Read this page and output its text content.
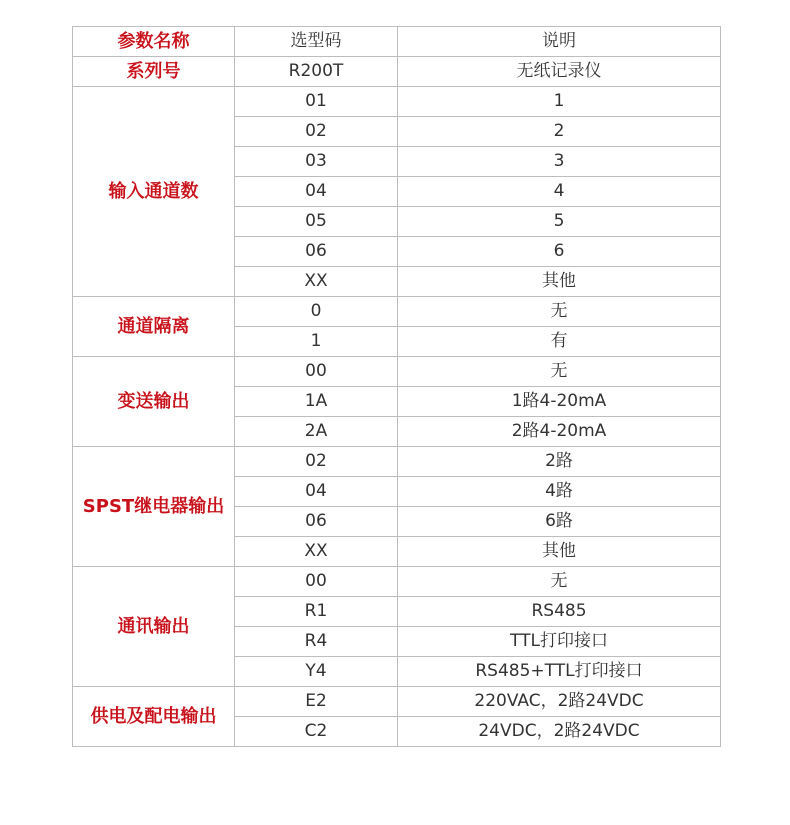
参数名称	选型码	说明
系列号	R200T	无纸记录仪
输入通道数	01	1
	02	2
	03	3
	04	4
	05	5
	06	6
	XX	其他
通道隔离	0	无
	1	有
变送输出	00	无
	1A	1路4-20mA
	2A	2路4-20mA
SPST继电器输出	02	2路
	04	4路
	06	6路
	XX	其他
通讯输出	00	无
	R1	RS485
	R4	TTL打印接口
	Y4	RS485+TTL打印接口
供电及配电输出	E2	220VAC，2路24VDC
	C2	24VDC，2路24VDC
